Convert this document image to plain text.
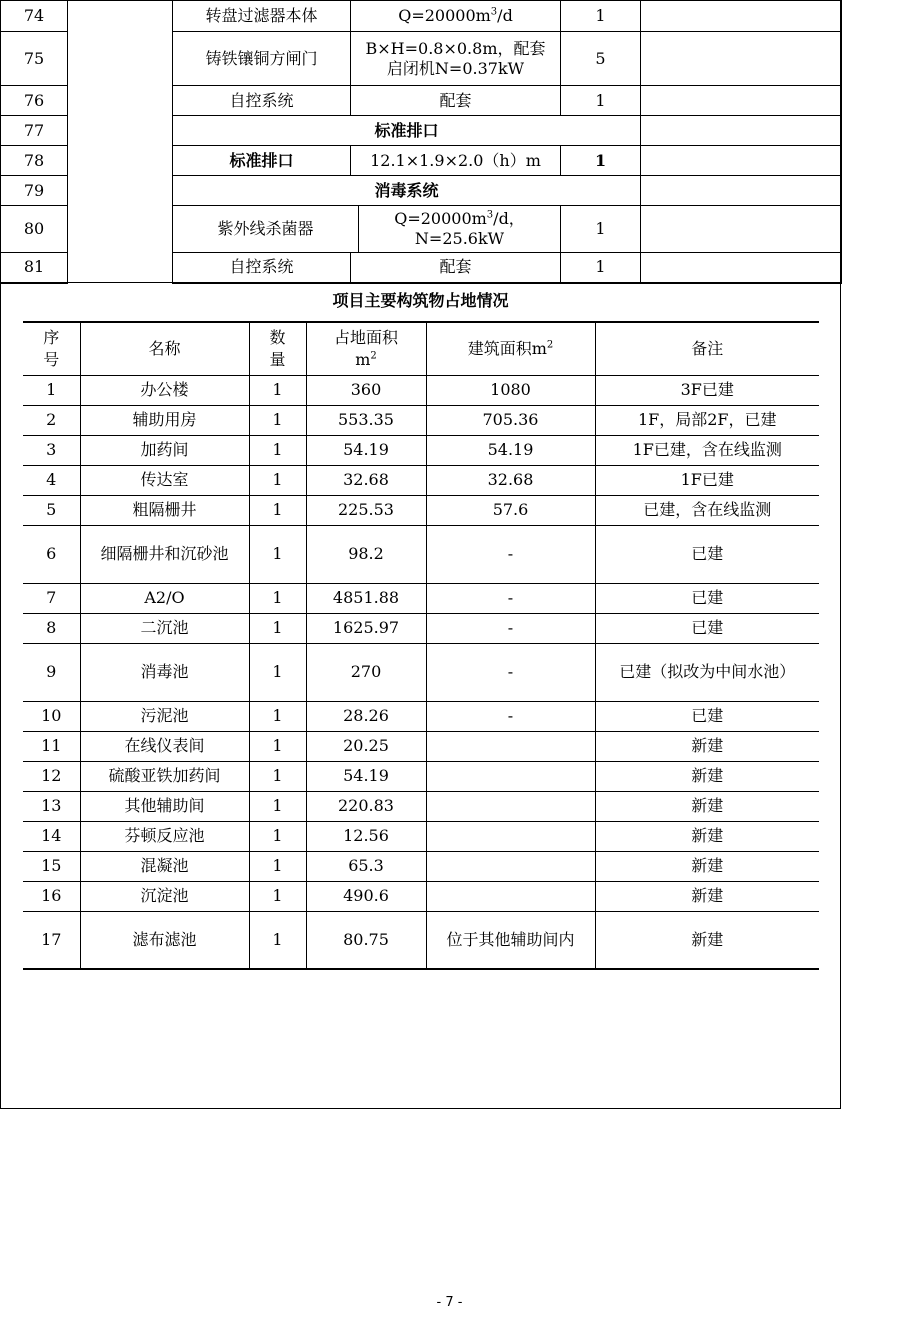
74		转盘过滤器本体	$Q=20000m^3/d$		1	
75		铸铁镶铜方闸门	B×H=0.8×0.8m，配套启闭机N=0.37kW		5	
76		自控系统	配套		1	
77		标准排口				
78		标准排口	12.1×1.9×2.0（h）m		1	
79		消毒系统				
80		紫外线杀菌器		$Q=20000m^3/d$，N=25.6kW	1	
81		自控系统	配套		1	
项目主要构筑物占地情况
序号	名称	数量	占地面积$m^2$	建筑面积$m^2$	备注
1	办公楼	1	360	1080	3F已建
2	辅助用房	1	553.35	705.36	1F，局部2F，已建
3	加药间	1	54.19	54.19	1F已建，含在线监测
4	传达室	1	32.68	32.68	1F已建
5	粗隔栅井	1	225.53	57.6	已建，含在线监测
6	细隔栅井和沉砂池	1	98.2	-	已建
7	A2/O	1	4851.88	-	已建
8	二沉池	1	1625.97	-	已建
9	消毒池	1	270	-	已建（拟改为中间水池）
10	污泥池	1	28.26	-	已建
11	在线仪表间	1	20.25		新建
12	硫酸亚铁加药间	1	54.19		新建
13	其他辅助间	1	220.83		新建
14	芬顿反应池	1	12.56		新建
15	混凝池	1	65.3		新建
16	沉淀池	1	490.6		新建
17	滤布滤池	1	80.75	位于其他辅助间内	新建
- 7 -
